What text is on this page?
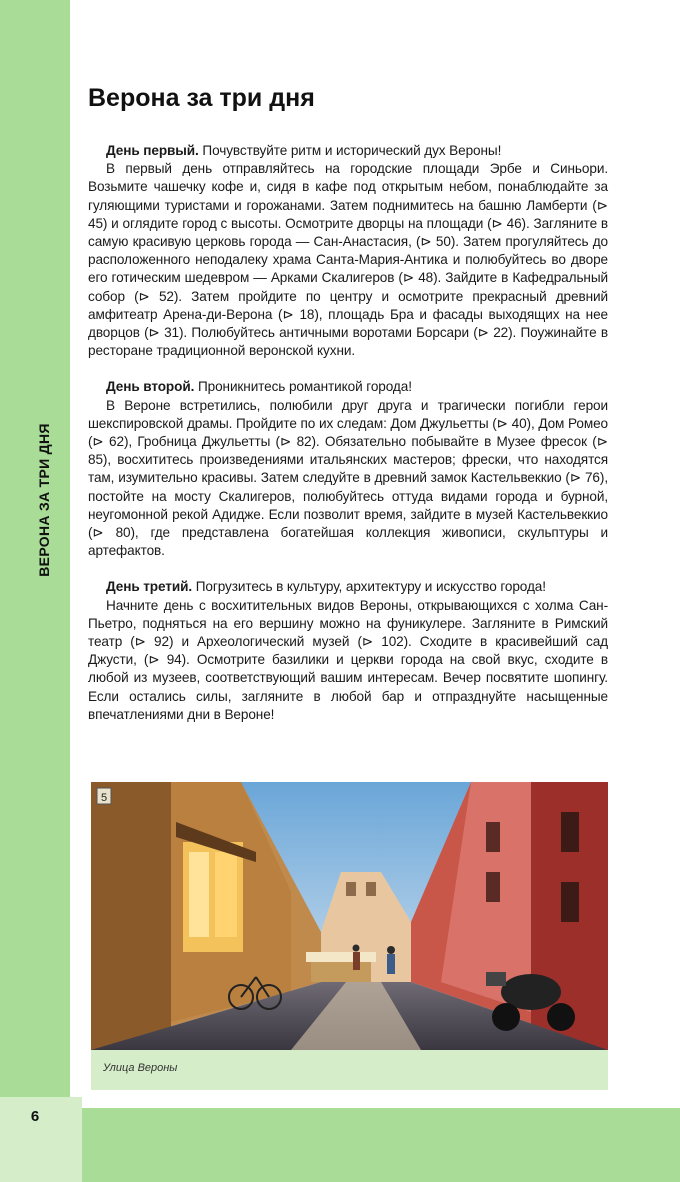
ВЕРОНА ЗА ТРИ ДНЯ
6
Верона за три дня

День первый. Почувствуйте ритм и исторический дух Вероны!

В первый день отправляйтесь на городские площади Эрбе и Синьори. Возьмите чашечку кофе и, сидя в кафе под открытым небом, понаблюдайте за гуляющими туристами и горожанами. Затем поднимитесь на башню Ламберти (⊳ 45) и оглядите город с высоты. Осмотрите дворцы на площади (⊳ 46). Загляните в самую красивую церковь города — Сан-Анастасия, (⊳ 50). Затем прогуляйтесь до расположенного неподалеку храма Санта-Мария-Антика и полюбуйтесь во дворе его готическим шедевром — Арками Скалигеров (⊳ 48). Зайдите в Кафедральный собор (⊳ 52). Затем пройдите по центру и осмотрите прекрасный древний амфитеатр Арена-ди-Верона (⊳ 18), площадь Бра и фасады выходящих на нее дворцов (⊳ 31). Полюбуйтесь античными воротами Борсари (⊳ 22). Поужинайте в ресторане традиционной веронской кухни.

День второй. Проникнитесь романтикой города!

В Вероне встретились, полюбили друг друга и трагически погибли герои шекспировской драмы. Пройдите по их следам: Дом Джульетты (⊳ 40), Дом Ромео (⊳ 62), Гробница Джульетты (⊳ 82). Обязательно побывайте в Музее фресок (⊳ 85), восхититесь произведениями итальянских мастеров; фрески, что находятся там, изумительно красивы. Затем следуйте в древний замок Кастельвеккио (⊳ 76), постойте на мосту Скалигеров, полюбуйтесь оттуда видами города и бурной, неугомонной рекой Адидже. Если позволит время, зайдите в музей Кастельвеккио (⊳ 80), где представлена богатейшая коллекция живописи, скульптуры и артефактов.

День третий. Погрузитесь в культуру, архитектуру и искусство города!

Начните день с восхитительных видов Вероны, открывающихся с холма Сан-Пьетро, подняться на его вершину можно на фуникулере. Загляните в Римский театр (⊳ 92) и Археологический музей (⊳ 102). Сходите в красивейший сад Джусти, (⊳ 94). Осмотрите базилики и церкви города на свой вкус, сходите в любой из музеев, соответствующий вашим интересам. Вечер посвятите шопингу. Если остались силы, загляните в любой бар и отпразднуйте насыщенные впечатлениями дни в Вероне!

5
Улица Вероны
